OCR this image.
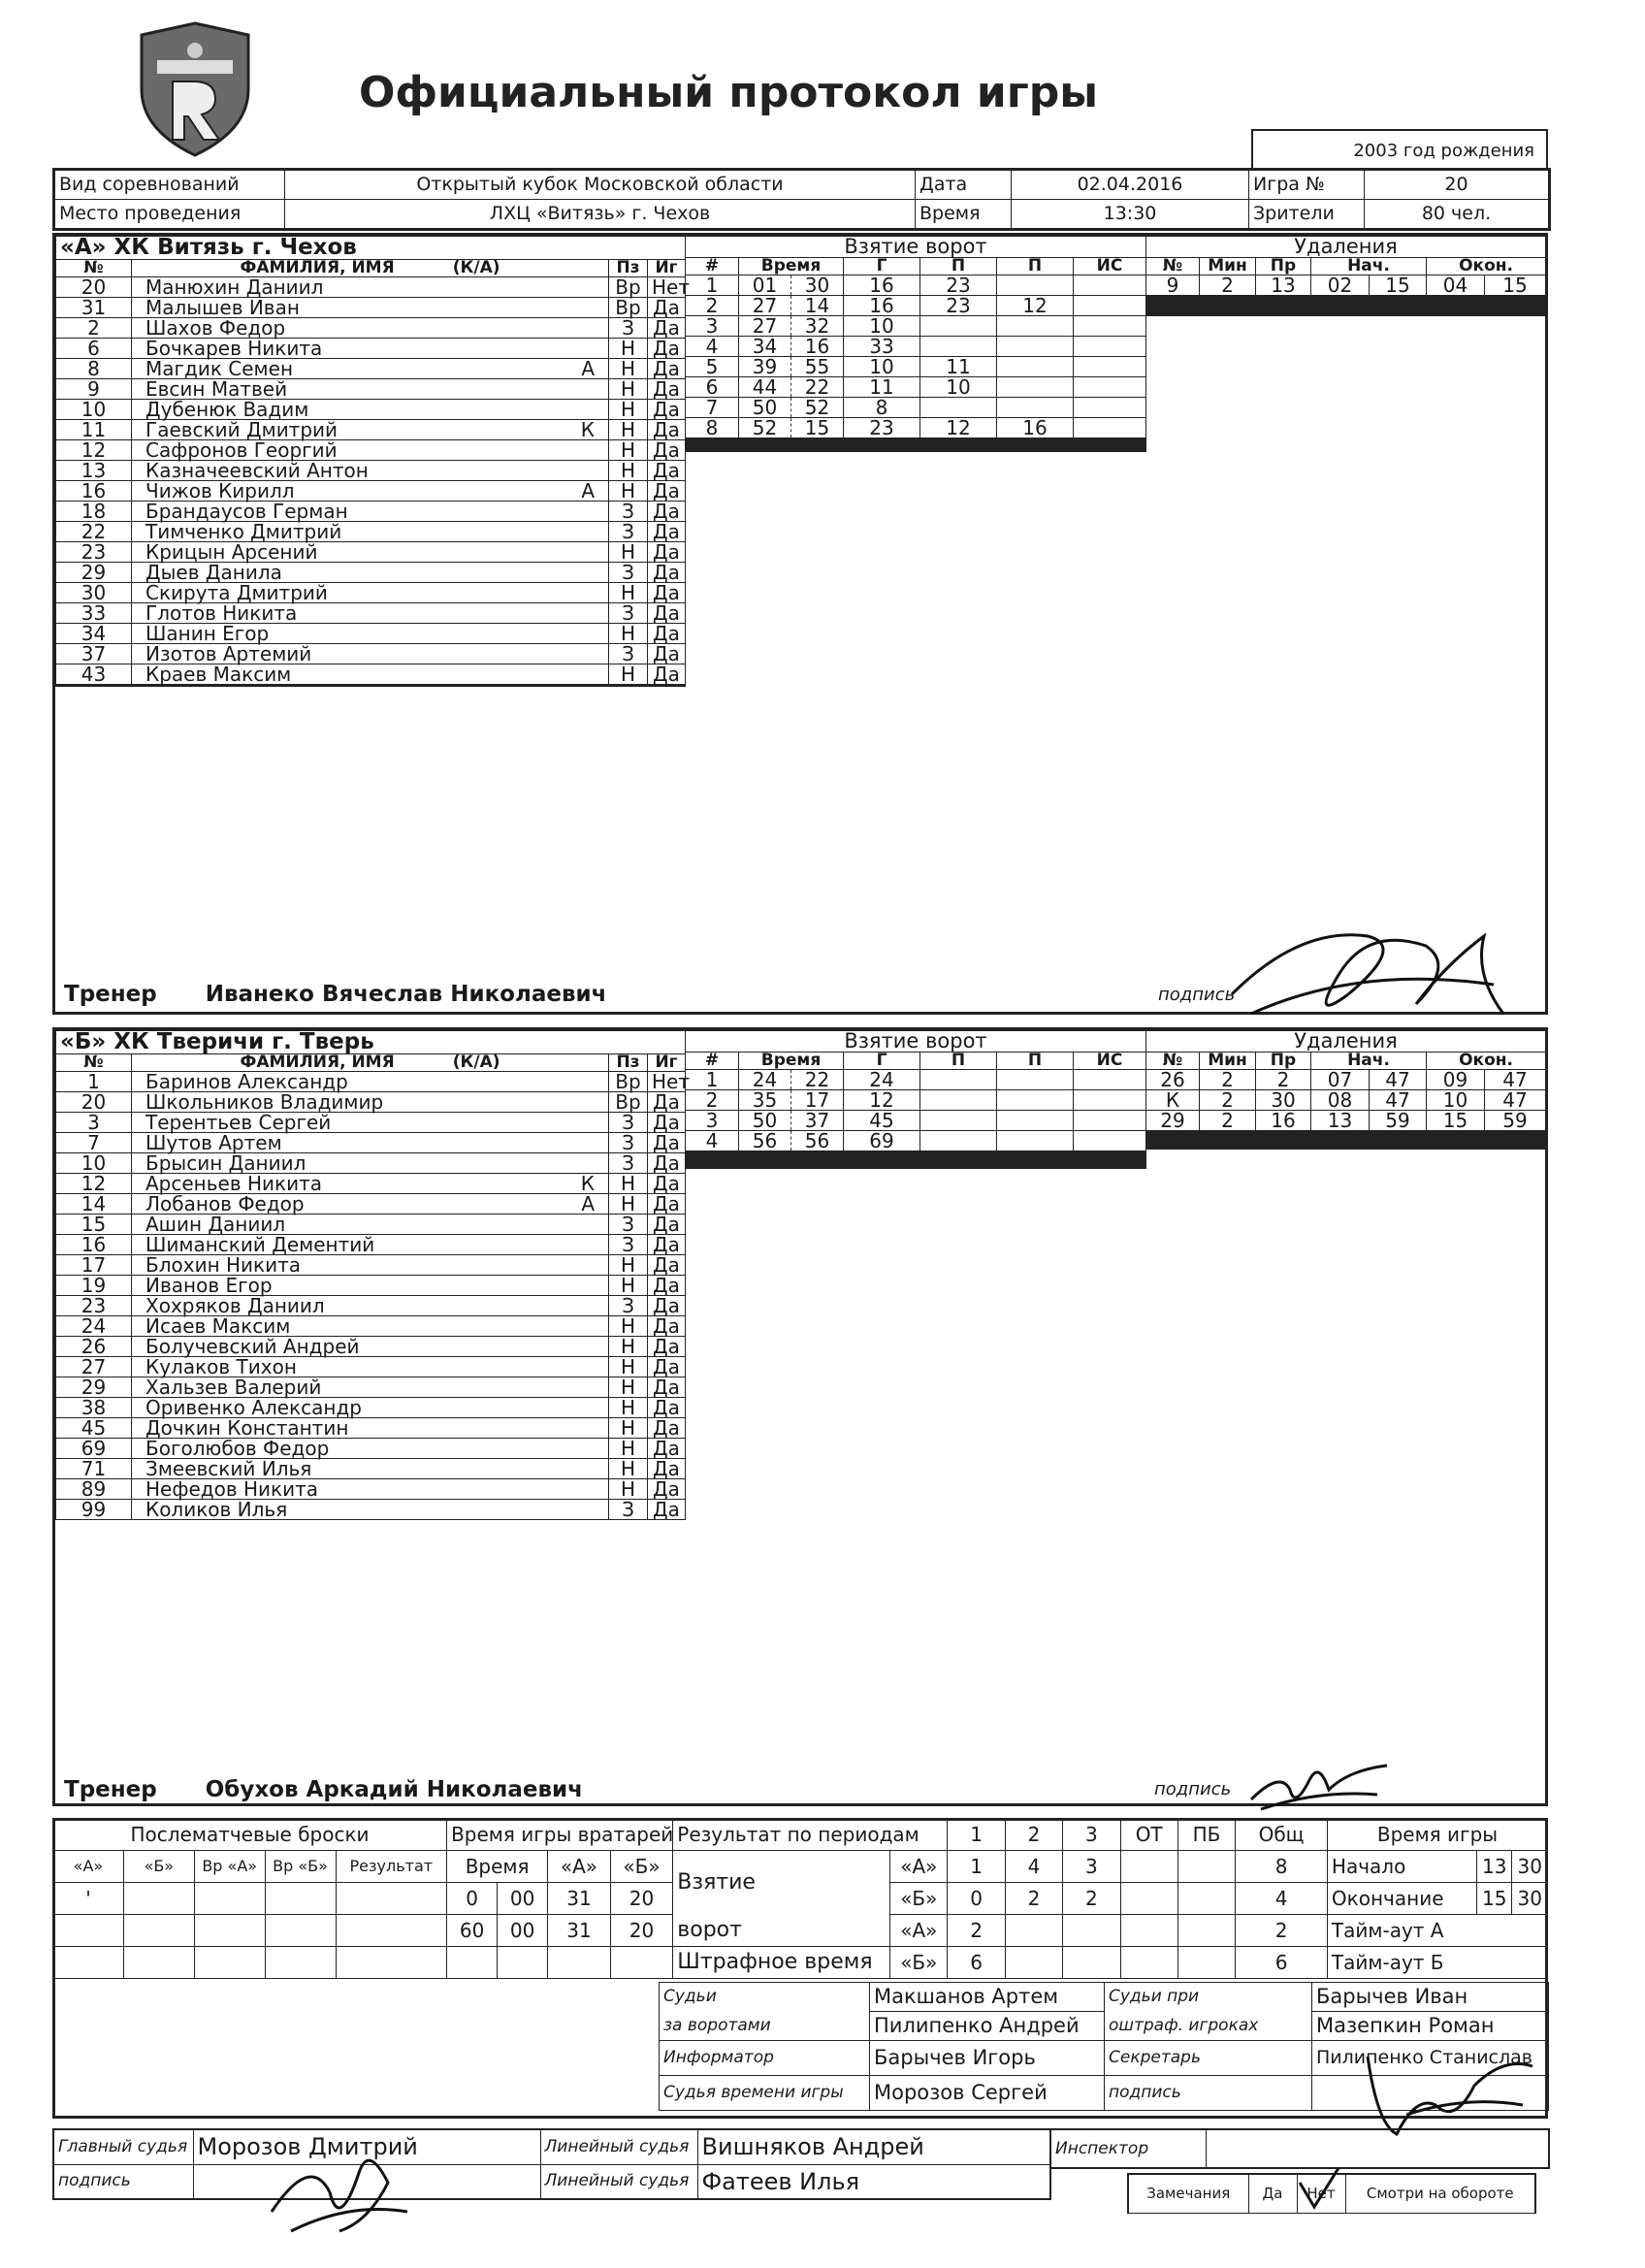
Официальный протокол игры
2003 год рождения
Вид соревнований	Открытый кубок Московской области	Дата	02.04.2016	Игра №	20
Место проведения	ЛХЦ «Витязь» г. Чехов	Время	13:30	Зрители	80 чел.
«А» ХК Витязь г. Чехов			
№	ФАМИЛИЯ, ИМЯ (К/А)	Пз	Иг
20	Манюхин Даниил	Вр	Нет
31	Малышев Иван	Вр	Да
2	Шахов Федор	З	Да
6	Бочкарев Никита	Н	Да
8	Магдик Семен А	Н	Да
9	Евсин Матвей	Н	Да
10	Дубенюк Вадим	Н	Да
11	Гаевский Дмитрий К	Н	Да
12	Сафронов Георгий	Н	Да
13	Казначеевский Антон	Н	Да
16	Чижов Кирилл А	Н	Да
18	Брандаусов Герман	З	Да
22	Тимченко Дмитрий	З	Да
23	Крицын Арсений	Н	Да
29	Дыев Данила	З	Да
30	Скирута Дмитрий	Н	Да
33	Глотов Никита	З	Да
34	Шанин Егор	Н	Да
37	Изотов Артемий	З	Да
43	Краев Максим	Н	Да

Взятие ворот						
#	Время		Г	П	П	ИС
1	01	30	16	23		
2	27	14	16	23	12	
3	27	32	10			
4	34	16	33			
5	39	55	10	11		
6	44	22	11	10		
7	50	52	8			
8	52	15	23	12	16	

Удаления						
№	Мин	Пр	Нач.		Окон.	
9	2	13	02	15	04	15

Тренер Иванеко Вячеслав Николаевич	подпись
«Б» ХК Тверичи г. Тверь			
№	ФАМИЛИЯ, ИМЯ (К/А)	Пз	Иг
1	Баринов Александр	Вр	Нет
20	Школьников Владимир	Вр	Да
3	Терентьев Сергей	З	Да
7	Шутов Артем	З	Да
10	Брысин Даниил	З	Да
12	Арсеньев Никита К	Н	Да
14	Лобанов Федор А	Н	Да
15	Ашин Даниил	З	Да
16	Шиманский Дементий	З	Да
17	Блохин Никита	Н	Да
19	Иванов Егор	Н	Да
23	Хохряков Даниил	З	Да
24	Исаев Максим	Н	Да
26	Болучевский Андрей	Н	Да
27	Кулаков Тихон	Н	Да
29	Хальзев Валерий	Н	Да
38	Оривенко Александр	Н	Да
45	Дочкин Константин	Н	Да
69	Боголюбов Федор	Н	Да
71	Змеевский Илья	Н	Да
89	Нефедов Никита	Н	Да
99	Коликов Илья	З	Да
Взятие ворот						
#	Время		Г	П	П	ИС
1	24	22	24			
2	35	17	12			
3	50	37	45			
4	56	56	69			

Удаления						
№	Мин	Пр	Нач.		Окон.	
26	2	2	07	47	09	47
К	2	30	08	47	10	47
29	2	16	13	59	15	59

Тренер Обухов Аркадий Николаевич	подпись
Послематчевые броски					Время игры вратарей				Результат по периодам		1	2	3	ОТ	ПБ	Общ	Время игры		
«А»	«Б»	Вр «А»	Вр «Б»	Результат	Время		«А»	«Б»	Взятие	«А»	1	4	3			8	Начало	13	30
'					0	00	31	20		«Б»	0	2	2			4	Окончание	15	30
					60	00	31	20	ворот	«А»	2					2	Тайм-аут А		
									Штрафное время	«Б»	6					6	Тайм-аут Б		
Судьи	Макшанов Артем	Судьи при	Барычев Иван
за воротами	Пилипенко Андрей	оштраф. игроках	Мазепкин Роман
Информатор	Барычев Игорь	Секретарь	Пилипенко Станислав
Судья времени игры	Морозов Сергей	подпись	
Главный судья	Морозов Дмитрий	Линейный судья	Вишняков Андрей
подпись		Линейный судья	Фатеев Илья
Инспектор	
Замечания	Да	Нет	Смотри на обороте
